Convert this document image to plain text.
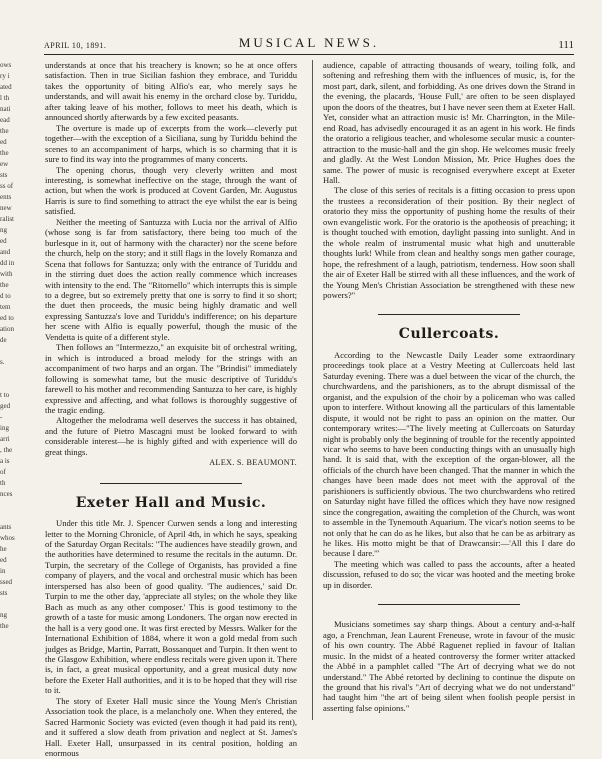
ows
ry i
ated
l th
nati
ead
the
ed
the
ew
sts
ss of
ents
new
ralist
ng
ed
and
dd in
with
the
d to
tem
ed to
ation
de

s.

t to
ged
-
ing
arri
, the
a is
of
th
nces

ants
whos
he
ed
in
ssed
sts

ng
the
APRIL 10, 1891.	MUSICAL NEWS.	111

understands at once that his treachery is known; so he at once offers satisfaction. Then in true Sicilian fashion they embrace, and Turiddu takes the opportunity of biting Alfio's ear, who merely says he understands, and will await his enemy in the orchard close by. Turiddu, after taking leave of his mother, follows to meet his death, which is announced shortly afterwards by a few excited peasants.

The overture is made up of excerpts from the work—cleverly put together—with the exception of a Siciliana, sung by Turiddu behind the scenes to an accompaniment of harps, which is so charming that it is sure to find its way into the programmes of many concerts.

The opening chorus, though very cleverly written and most interesting, is somewhat ineffective on the stage, through the want of action, but when the work is produced at Covent Garden, Mr. Augustus Harris is sure to find something to attract the eye whilst the ear is being satisfied.

Neither the meeting of Santuzza with Lucia nor the arrival of Alfio (whose song is far from satisfactory, there being too much of the burlesque in it, out of harmony with the character) nor the scene before the church, help on the story; and it still flags in the lovely Romanza and Scena that follows for Santuzza; only with the entrance of Turiddu and in the stirring duet does the action really commence which increases with intensity to the end. The "Ritornello" which interrupts this is simple to a degree, but so extremely pretty that one is sorry to find it so short; the duet then proceeds, the music being highly dramatic and well expressing Santuzza's love and Turiddu's indifference; on his departure her scene with Alfio is equally powerful, though the music of the Vendetta is quite of a different style.

Then follows an "Intermezzo," an exquisite bit of orchestral writing, in which is introduced a broad melody for the strings with an accompaniment of two harps and an organ. The "Brindisi" immediately following is somewhat tame, but the music descriptive of Turiddu's farewell to his mother and recommending Santuzza to her care, is highly expressive and affecting, and what follows is thoroughly suggestive of the tragic ending.

Altogether the melodrama well deserves the success it has obtained, and the future of Pietro Mascagni must be looked forward to with considerable interest—he is highly gifted and with experience will do great things.

ALEX. S. BEAUMONT.
Exeter Hall and Music.

Under this title Mr. J. Spencer Curwen sends a long and interesting letter to the Morning Chronicle, of April 4th, in which he says, speaking of the Saturday Organ Recitals: "The audiences have steadily grown, and the authorities have determined to resume the recitals in the autumn. Dr. Turpin, the secretary of the College of Organists, has provided a fine company of players, and the vocal and orchestral music which has been interspersed has also been of good quality. 'The audiences,' said Dr. Turpin to me the other day, 'appreciate all styles; on the whole they like Bach as much as any other composer.' This is good testimony to the growth of a taste for music among Londoners. The organ now erected in the hall is a very good one. It was first erected by Messrs. Walker for the International Exhibition of 1884, where it won a gold medal from such judges as Bridge, Martin, Parratt, Bossanquet and Turpin. It then went to the Glasgow Exhibition, where endless recitals were given upon it. There is, in fact, a great musical opportunity, and a great musical duty now before the Exeter Hall authorities, and it is to be hoped that they will rise to it.

The story of Exeter Hall music since the Young Men's Christian Association took the place, is a melancholy one. When they entered, the Sacred Harmonic Society was evicted (even though it had paid its rent), and it suffered a slow death from privation and neglect at St. James's Hall. Exeter Hall, unsurpassed in its central position, holding an enormous

audience, capable of attracting thousands of weary, toiling folk, and softening and refreshing them with the influences of music, is, for the most part, dark, silent, and forbidding. As one drives down the Strand in the evening, the placards, 'House Full,' are often to be seen displayed upon the doors of the theatres, but I have never seen them at Exeter Hall. Yet, consider what an attraction music is! Mr. Charrington, in the Mile-end Road, has advisedly encouraged it as an agent in his work. He finds the oratorio a religious teacher, and wholesome secular music a counter-attraction to the music-hall and the gin shop. He welcomes music freely and gladly. At the West London Mission, Mr. Price Hughes does the same. The power of music is recognised everywhere except at Exeter Hall.

The close of this series of recitals is a fitting occasion to press upon the trustees a reconsideration of their position. By their neglect of oratorio they miss the opportunity of pushing home the results of their own evangelistic work. For the oratorio is the apotheosis of preaching; it is thought touched with emotion, daylight passing into sunlight. And in the whole realm of instrumental music what high and unutterable thoughts lurk! While from clean and healthy songs men gather courage, hope, the refreshment of a laugh, patriotism, tenderness. How soon shall the air of Exeter Hall be stirred with all these influences, and the work of the Young Men's Christian Association be strengthened with these new powers?"

Cullercoats.

According to the Newcastle Daily Leader some extraordinary proceedings took place at a Vestry Meeting at Cullercoats held last Saturday evening. There was a duel between the vicar of the church, the churchwardens, and the parishioners, as to the abrupt dismissal of the organist, and the expulsion of the choir by a policeman who was called upon to interfere. Without knowing all the particulars of this lamentable dispute, it would not be right to pass an opinion on the matter. Our contemporary writes:—"The lively meeting at Cullercoats on Saturday night is probably only the beginning of trouble for the recently appointed vicar who seems to have been conducting things with an unusually high hand. It is said that, with the exception of the organ-blower, all the officials of the church have been changed. That the manner in which the changes have been made does not meet with the approval of the parishioners is sufficiently obvious. The two churchwardens who retired on Saturday night have filled the offices which they have now resigned since the congregation, awaiting the completion of the Church, was wont to assemble in the Tynemouth Aquarium. The vicar's notion seems to be not only that he can do as he likes, but also that he can be as arbitrary as he likes. His motto might be that of Drawcansir:—'All this I dare do because I dare.'"

The meeting which was called to pass the accounts, after a heated discussion, refused to do so; the vicar was hooted and the meeting broke up in disorder.

Musicians sometimes say sharp things. About a century and-a-half ago, a Frenchman, Jean Laurent Freneuse, wrote in favour of the music of his own country. The Abbé Raguenet replied in favour of Italian music. In the midst of a heated controversy the former writer attacked the Abbé in a pamphlet called "The Art of decrying what we do not understand." The Abbé retorted by declining to continue the dispute on the ground that his rival's "Art of decrying what we do not understand" had taught him "the art of being silent when foolish people persist in asserting false opinions."
